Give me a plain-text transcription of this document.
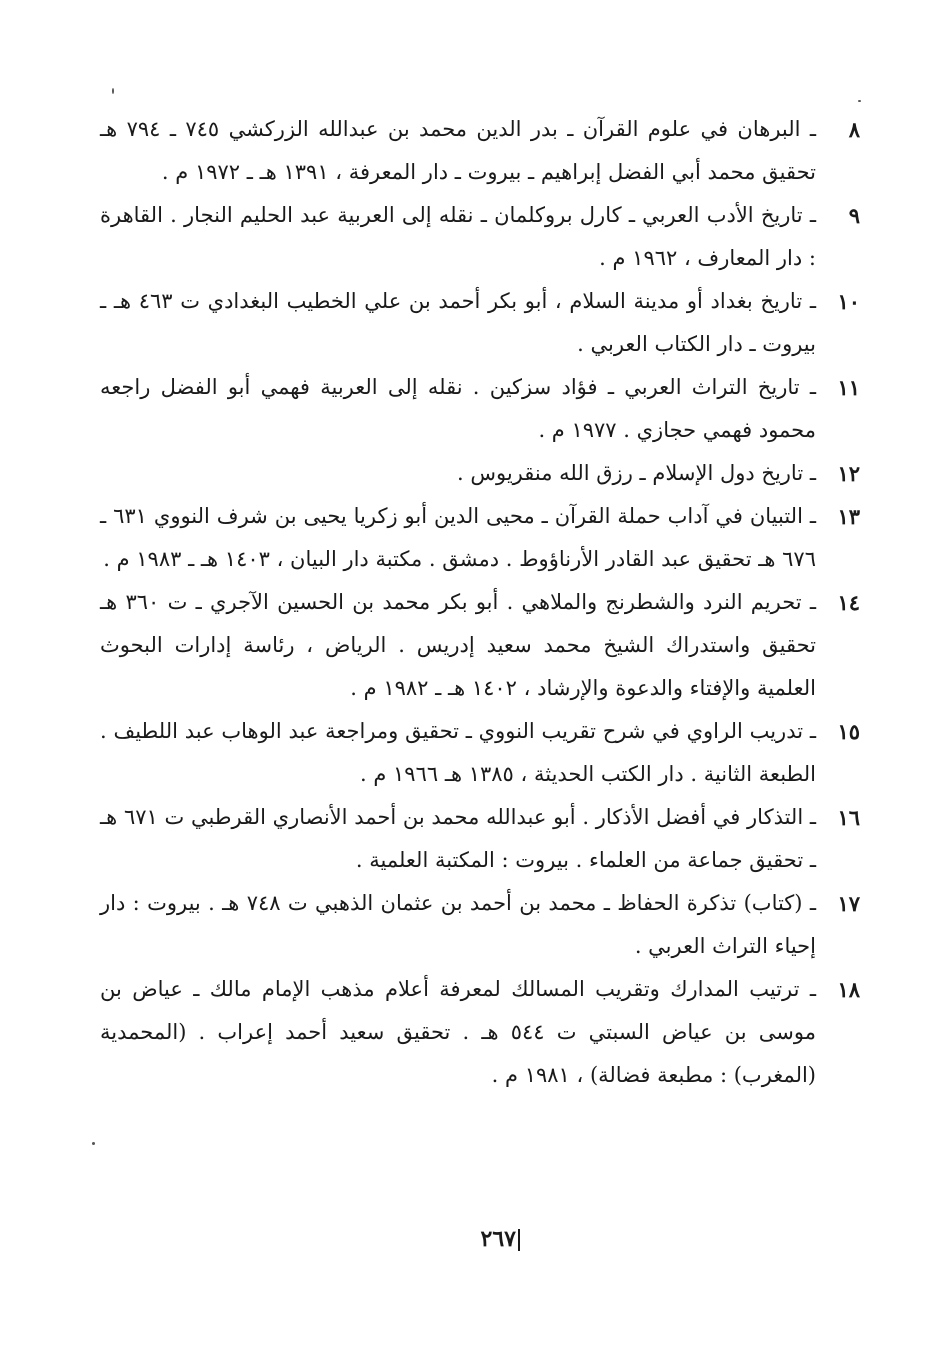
٨
ـ البرهان في علوم القرآن ـ بدر الدين محمد بن عبدالله الزركشي ٧٤٥ ـ ٧٩٤ هـ تحقيق محمد أبي الفضل إبراهيم ـ بيروت ـ دار المعرفة ، ١٣٩١ هـ ـ ١٩٧٢ م .

٩
ـ تاريخ الأدب العربي ـ كارل بروكلمان ـ نقله إلى العربية عبد الحليم النجار . القاهرة : دار المعارف ، ١٩٦٢ م .

١٠
ـ تاريخ بغداد أو مدينة السلام ، أبو بكر أحمد بن علي الخطيب البغدادي ت ٤٦٣ هـ ـ بيروت ـ دار الكتاب العربي .

١١
ـ تاريخ التراث العربي ـ فؤاد سزكين . نقله إلى العربية فهمي أبو الفضل راجعه محمود فهمي حجازي . ١٩٧٧ م .

١٢
ـ تاريخ دول الإسلام ـ رزق الله منقريوس .

١٣
ـ التبيان في آداب حملة القرآن ـ محيى الدين أبو زكريا يحيى بن شرف النووي ٦٣١ ـ ٦٧٦ هـ تحقيق عبد القادر الأرناؤوط . دمشق . مكتبة دار البيان ، ١٤٠٣ هـ ـ ١٩٨٣ م .

١٤
ـ تحريم النرد والشطرنج والملاهي . أبو بكر محمد بن الحسين الآجري ـ ت ٣٦٠ هـ تحقيق واستدراك الشيخ محمد سعيد إدريس . الرياض ، رئاسة إدارات البحوث العلمية والإفتاء والدعوة والإرشاد ، ١٤٠٢ هـ ـ ١٩٨٢ م .

١٥
ـ تدريب الراوي في شرح تقريب النووي ـ تحقيق ومراجعة عبد الوهاب عبد اللطيف . الطبعة الثانية . دار الكتب الحديثة ، ١٣٨٥ هـ ١٩٦٦ م .

١٦
ـ التذكار في أفضل الأذكار . أبو عبدالله محمد بن أحمد الأنصاري القرطبي ت ٦٧١ هـ ـ تحقيق جماعة من العلماء . بيروت : المكتبة العلمية .

١٧
ـ (كتاب) تذكرة الحفاظ ـ محمد بن أحمد بن عثمان الذهبي ت ٧٤٨ هـ . بيروت : دار إحياء التراث العربي .

١٨
ـ ترتيب المدارك وتقريب المسالك لمعرفة أعلام مذهب الإمام مالك ـ عياض بن موسى بن عياض السبتي ت ٥٤٤ هـ . تحقيق سعيد أحمد إعراب . (المحمدية (المغرب) : مطبعة فضالة) ، ١٩٨١ م .

٢٦٧
